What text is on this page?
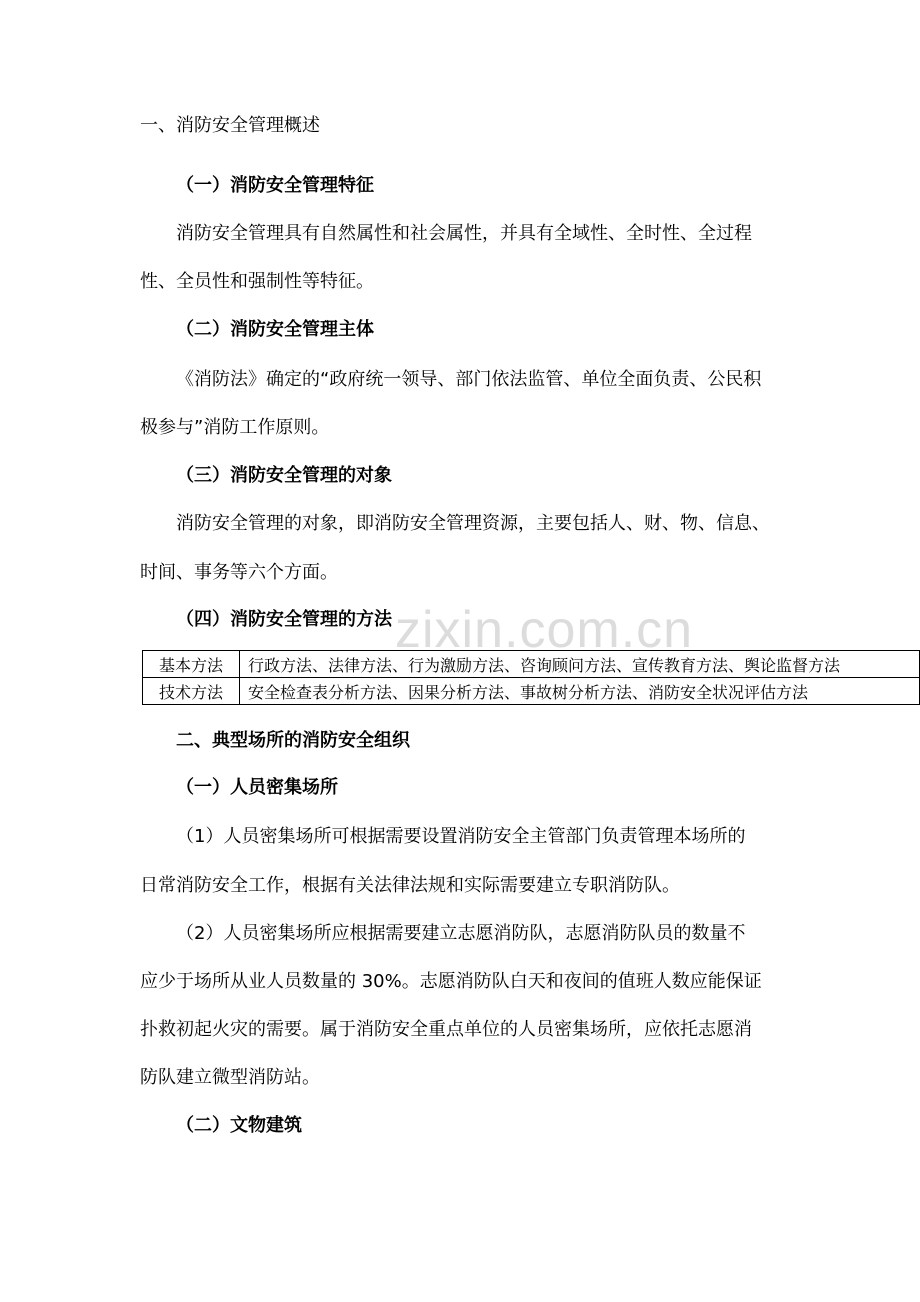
zixin.com.cn
一、消防安全管理概述
（一）消防安全管理特征
消防安全管理具有自然属性和社会属性，并具有全域性、全时性、全过程
性、全员性和强制性等特征。
（二）消防安全管理主体
《消防法》确定的“政府统一领导、部门依法监管、单位全面负责、公民积
极参与”消防工作原则。
（三）消防安全管理的对象
消防安全管理的对象，即消防安全管理资源，主要包括人、财、物、信息、
时间、事务等六个方面。
（四）消防安全管理的方法
基本方法	行政方法、法律方法、行为激励方法、咨询顾问方法、宣传教育方法、舆论监督方法
技术方法	安全检查表分析方法、因果分析方法、事故树分析方法、消防安全状况评估方法
二、典型场所的消防安全组织
（一）人员密集场所
（1）人员密集场所可根据需要设置消防安全主管部门负责管理本场所的
日常消防安全工作，根据有关法律法规和实际需要建立专职消防队。
（2）人员密集场所应根据需要建立志愿消防队，志愿消防队员的数量不
应少于场所从业人员数量的 30%。志愿消防队白天和夜间的值班人数应能保证
扑救初起火灾的需要。属于消防安全重点单位的人员密集场所，应依托志愿消
防队建立微型消防站。
（二）文物建筑
